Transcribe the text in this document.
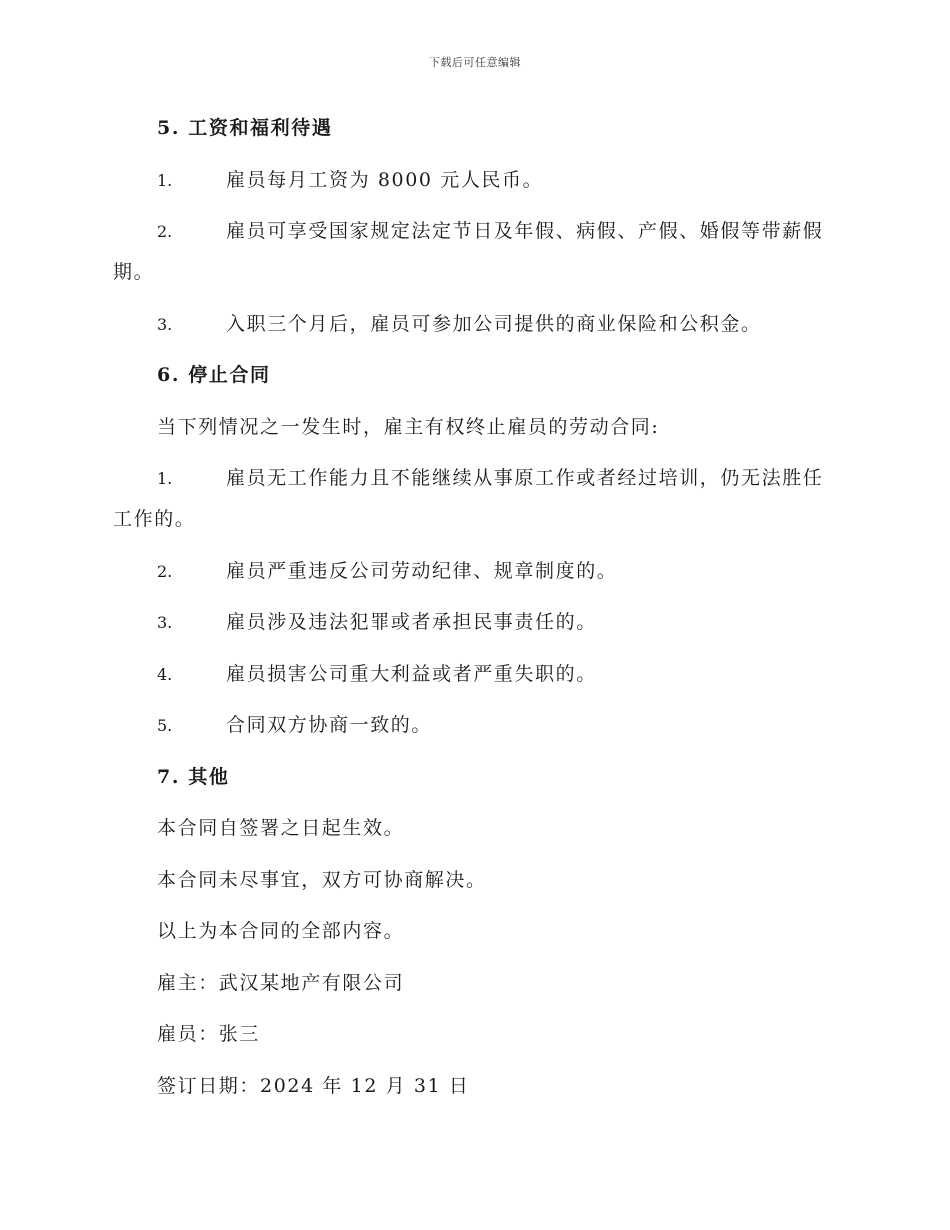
下载后可任意编辑
5. 工资和福利待遇
1.	雇员每月工资为 8000 元人民币。
2.	雇员可享受国家规定法定节日及年假、病假、产假、婚假等带薪假期。
3.	入职三个月后，雇员可参加公司提供的商业保险和公积金。
6. 停止合同
当下列情况之一发生时，雇主有权终止雇员的劳动合同:
1.	雇员无工作能力且不能继续从事原工作或者经过培训，仍无法胜任工作的。
2.	雇员严重违反公司劳动纪律、规章制度的。
3.	雇员涉及违法犯罪或者承担民事责任的。
4.	雇员损害公司重大利益或者严重失职的。
5.	合同双方协商一致的。
7. 其他
本合同自签署之日起生效。
本合同未尽事宜，双方可协商解决。
以上为本合同的全部内容。
雇主：武汉某地产有限公司
雇员：张三
签订日期：2024 年 12 月 31 日
